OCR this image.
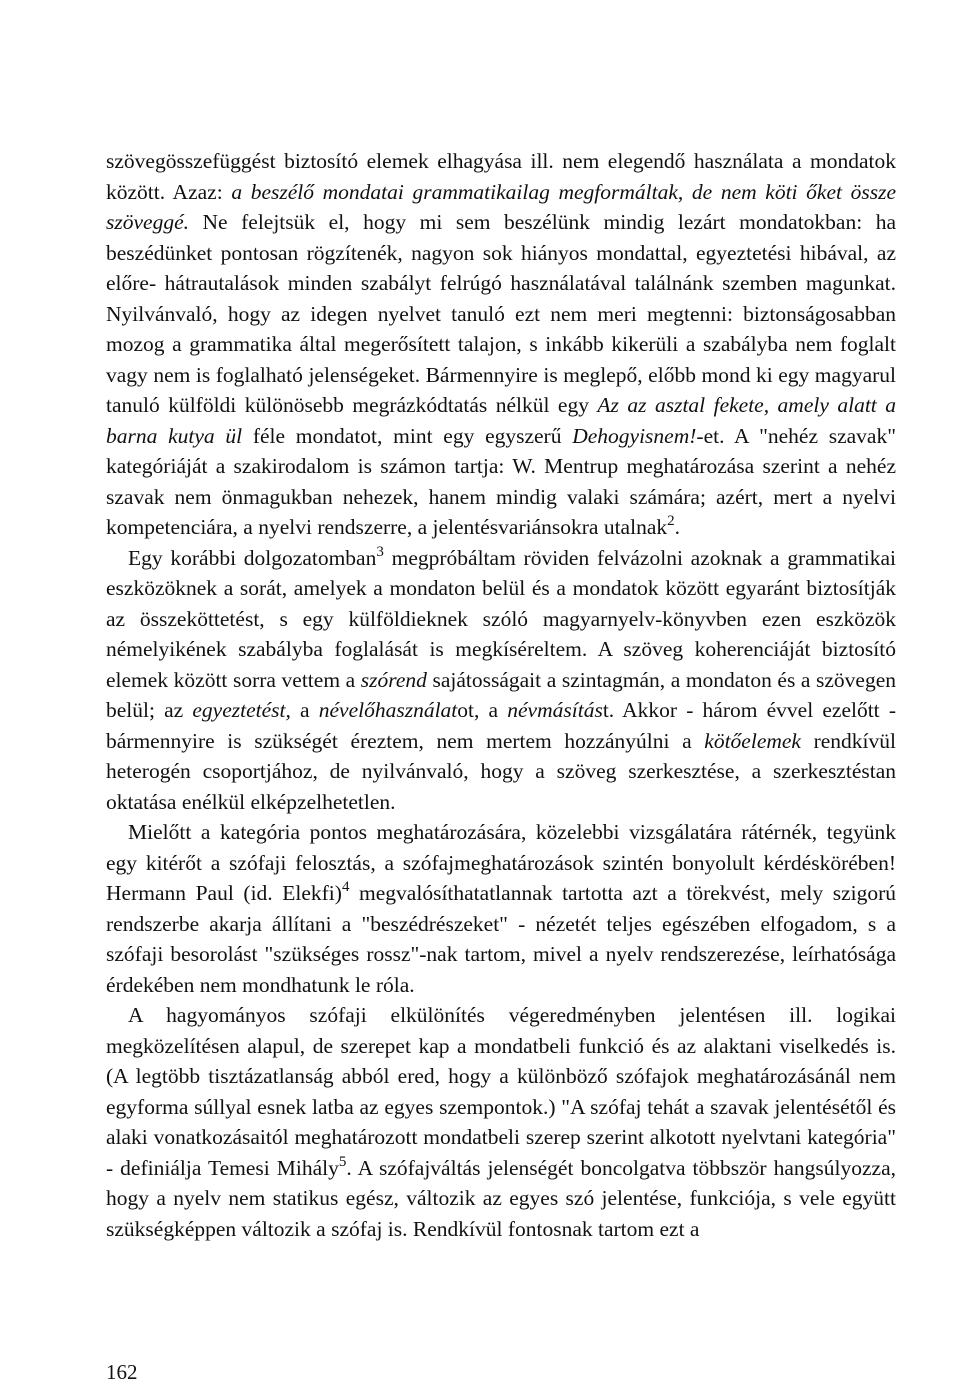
szövegösszefüggést biztosító elemek elhagyása ill. nem elegendő használata a mondatok között. Azaz: a beszélő mondatai grammatikailag megformáltak, de nem köti őket össze szöveggé. Ne felejtsük el, hogy mi sem beszélünk mindig lezárt mondatokban: ha beszédünket pontosan rögzítenék, nagyon sok hiányos mondattal, egyeztetési hibával, az előre- hátrautalások minden szabályt felrúgó használatával találnánk szemben magunkat. Nyilvánvaló, hogy az idegen nyelvet tanuló ezt nem meri megtenni: biztonságosabban mozog a grammatika által megerősített talajon, s inkább kikerüli a szabályba nem foglalt vagy nem is foglalható jelenségeket. Bármennyire is meglepő, előbb mond ki egy magyarul tanuló külföldi különösebb megrázkódtatás nélkül egy Az az asztal fekete, amely alatt a barna kutya ül féle mondatot, mint egy egyszerű Dehogyisnem!-et. A "nehéz szavak" kategóriáját a szakirodalom is számon tartja: W. Mentrup meghatározása szerint a nehéz szavak nem önmagukban nehezek, hanem mindig valaki számára; azért, mert a nyelvi kompetenciára, a nyelvi rendszerre, a jelentésvariánsokra utalnak$^2$.

Egy korábbi dolgozatomban$^3$ megpróbáltam röviden felvázolni azoknak a grammatikai eszközöknek a sorát, amelyek a mondaton belül és a mondatok között egyaránt biztosítják az összeköttetést, s egy külföldieknek szóló magyarnyelv-könyvben ezen eszközök némelyikének szabályba foglalását is megkíséreltem. A szöveg koherenciáját biztosító elemek között sorra vettem a szórend sajátosságait a szintagmán, a mondaton és a szövegen belül; az egyeztetést, a névelőhasználatot, a névmásítást. Akkor - három évvel ezelőtt - bármennyire is szükségét éreztem, nem mertem hozzányúlni a kötőelemek rendkívül heterogén csoportjához, de nyilvánvaló, hogy a szöveg szerkesztése, a szerkesztéstan oktatása enélkül elképzelhetetlen.

Mielőtt a kategória pontos meghatározására, közelebbi vizsgálatára rátérnék, tegyünk egy kitérőt a szófaji felosztás, a szófajmeghatározások szintén bonyolult kérdéskörében! Hermann Paul (id. Elekfi)$^4$ megvalósíthatatlannak tartotta azt a törekvést, mely szigorú rendszerbe akarja állítani a "beszédrészeket" - nézetét teljes egészében elfogadom, s a szófaji besorolást "szükséges rossz"-nak tartom, mivel a nyelv rendszerezése, leírhatósága érdekében nem mondhatunk le róla.

A hagyományos szófaji elkülönítés végeredményben jelentésen ill. logikai megközelítésen alapul, de szerepet kap a mondatbeli funkció és az alaktani viselkedés is. (A legtöbb tisztázatlanság abból ered, hogy a különböző szófajok meghatározásánál nem egyforma súllyal esnek latba az egyes szempontok.) "A szófaj tehát a szavak jelentésétől és alaki vonatkozásaitól meghatározott mondatbeli szerep szerint alkotott nyelvtani kategória" - definiálja Temesi Mihály$^5$. A szófajváltás jelenségét boncolgatva többször hangsúlyozza, hogy a nyelv nem statikus egész, változik az egyes szó jelentése, funkciója, s vele együtt szükségképpen változik a szófaj is. Rendkívül fontosnak tartom ezt a

162
